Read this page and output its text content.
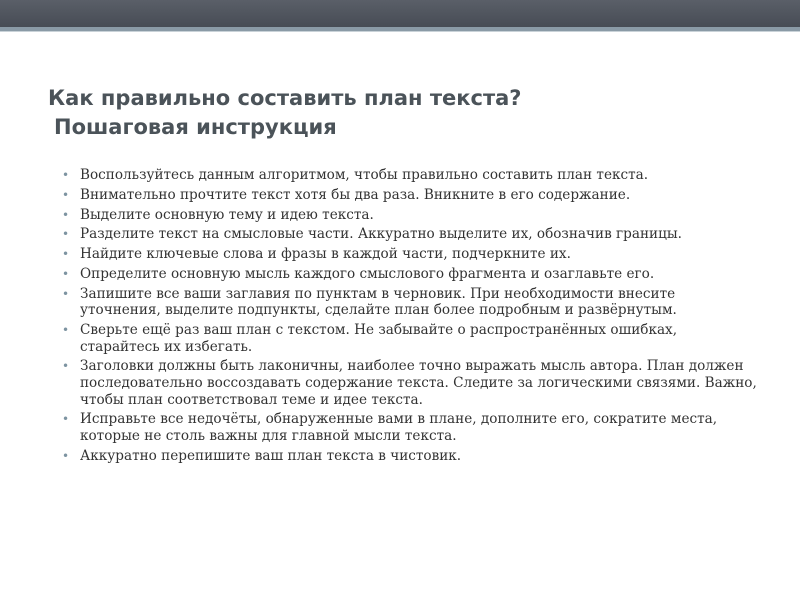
Как правильно составить план текста?
Пошаговая инструкция
• Воспользуйтесь данным алгоритмом, чтобы правильно составить план текста.
• Внимательно прочтите текст хотя бы два раза. Вникните в его содержание.
• Выделите основную тему и идею текста.
• Разделите текст на смысловые части. Аккуратно выделите их, обозначив границы.
• Найдите ключевые слова и фразы в каждой части, подчеркните их.
• Определите основную мысль каждого смыслового фрагмента и озаглавьте его.
• Запишите все ваши заглавия по пунктам в черновик. При необходимости внесите уточнения, выделите подпункты, сделайте план более подробным и развёрнутым.
• Сверьте ещё раз ваш план с текстом. Не забывайте о распространённых ошибках, старайтесь их избегать.
• Заголовки должны быть лаконичны, наиболее точно выражать мысль автора. План должен последовательно воссоздавать содержание текста. Следите за логическими связями. Важно, чтобы план соответствовал теме и идее текста.
• Исправьте все недочёты, обнаруженные вами в плане, дополните его, сократите места, которые не столь важны для главной мысли текста.
• Аккуратно перепишите ваш план текста в чистовик.
